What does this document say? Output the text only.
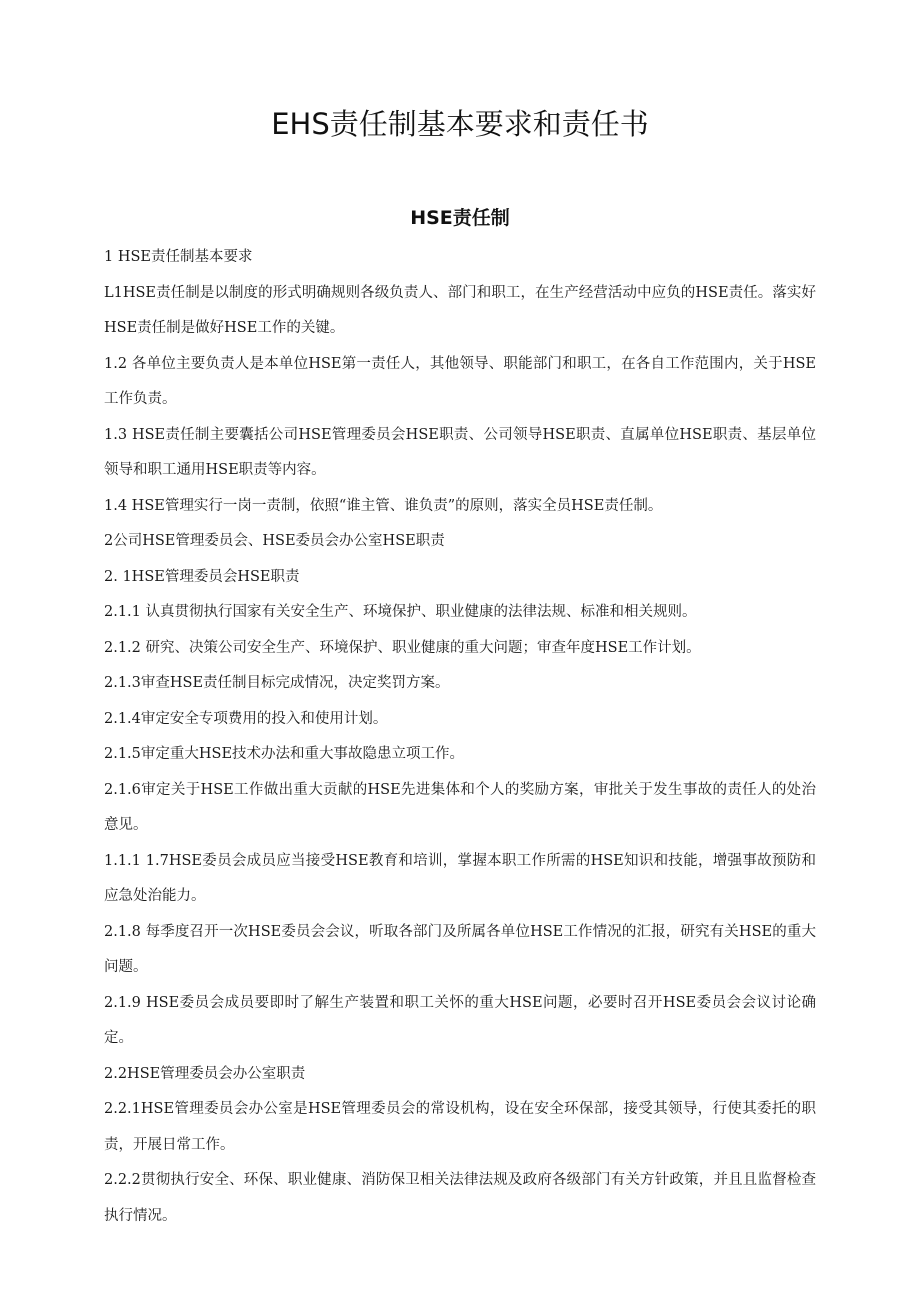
EHS责任制基本要求和责任书
HSE责任制

1 HSE责任制基本要求

L1HSE责任制是以制度的形式明确规则各级负责人、部门和职工，在生产经营活动中应负的HSE责任。落实好HSE责任制是做好HSE工作的关键。

1.2 各单位主要负责人是本单位HSE第一责任人，其他领导、职能部门和职工，在各自工作范围内，关于HSE工作负责。

1.3 HSE责任制主要囊括公司HSE管理委员会HSE职责、公司领导HSE职责、直属单位HSE职责、基层单位领导和职工通用HSE职责等内容。

1.4 HSE管理实行一岗一责制，依照“谁主管、谁负责”的原则，落实全员HSE责任制。

2公司HSE管理委员会、HSE委员会办公室HSE职责

2. 1HSE管理委员会HSE职责

2.1.1 认真贯彻执行国家有关安全生产、环境保护、职业健康的法律法规、标准和相关规则。

2.1.2 研究、决策公司安全生产、环境保护、职业健康的重大问题；审查年度HSE工作计划。

2.1.3审查HSE责任制目标完成情况，决定奖罚方案。

2.1.4审定安全专项费用的投入和使用计划。

2.1.5审定重大HSE技术办法和重大事故隐患立项工作。

2.1.6审定关于HSE工作做出重大贡献的HSE先进集体和个人的奖励方案，审批关于发生事故的责任人的处治意见。

1.1.1 1.7HSE委员会成员应当接受HSE教育和培训，掌握本职工作所需的HSE知识和技能，增强事故预防和应急处治能力。

2.1.8 每季度召开一次HSE委员会会议，听取各部门及所属各单位HSE工作情况的汇报，研究有关HSE的重大问题。

2.1.9 HSE委员会成员要即时了解生产装置和职工关怀的重大HSE问题，必要时召开HSE委员会会议讨论确定。

2.2HSE管理委员会办公室职责

2.2.1HSE管理委员会办公室是HSE管理委员会的常设机构，设在安全环保部，接受其领导，行使其委托的职责，开展日常工作。

2.2.2贯彻执行安全、环保、职业健康、消防保卫相关法律法规及政府各级部门有关方针政策，并且且监督检查执行情况。
